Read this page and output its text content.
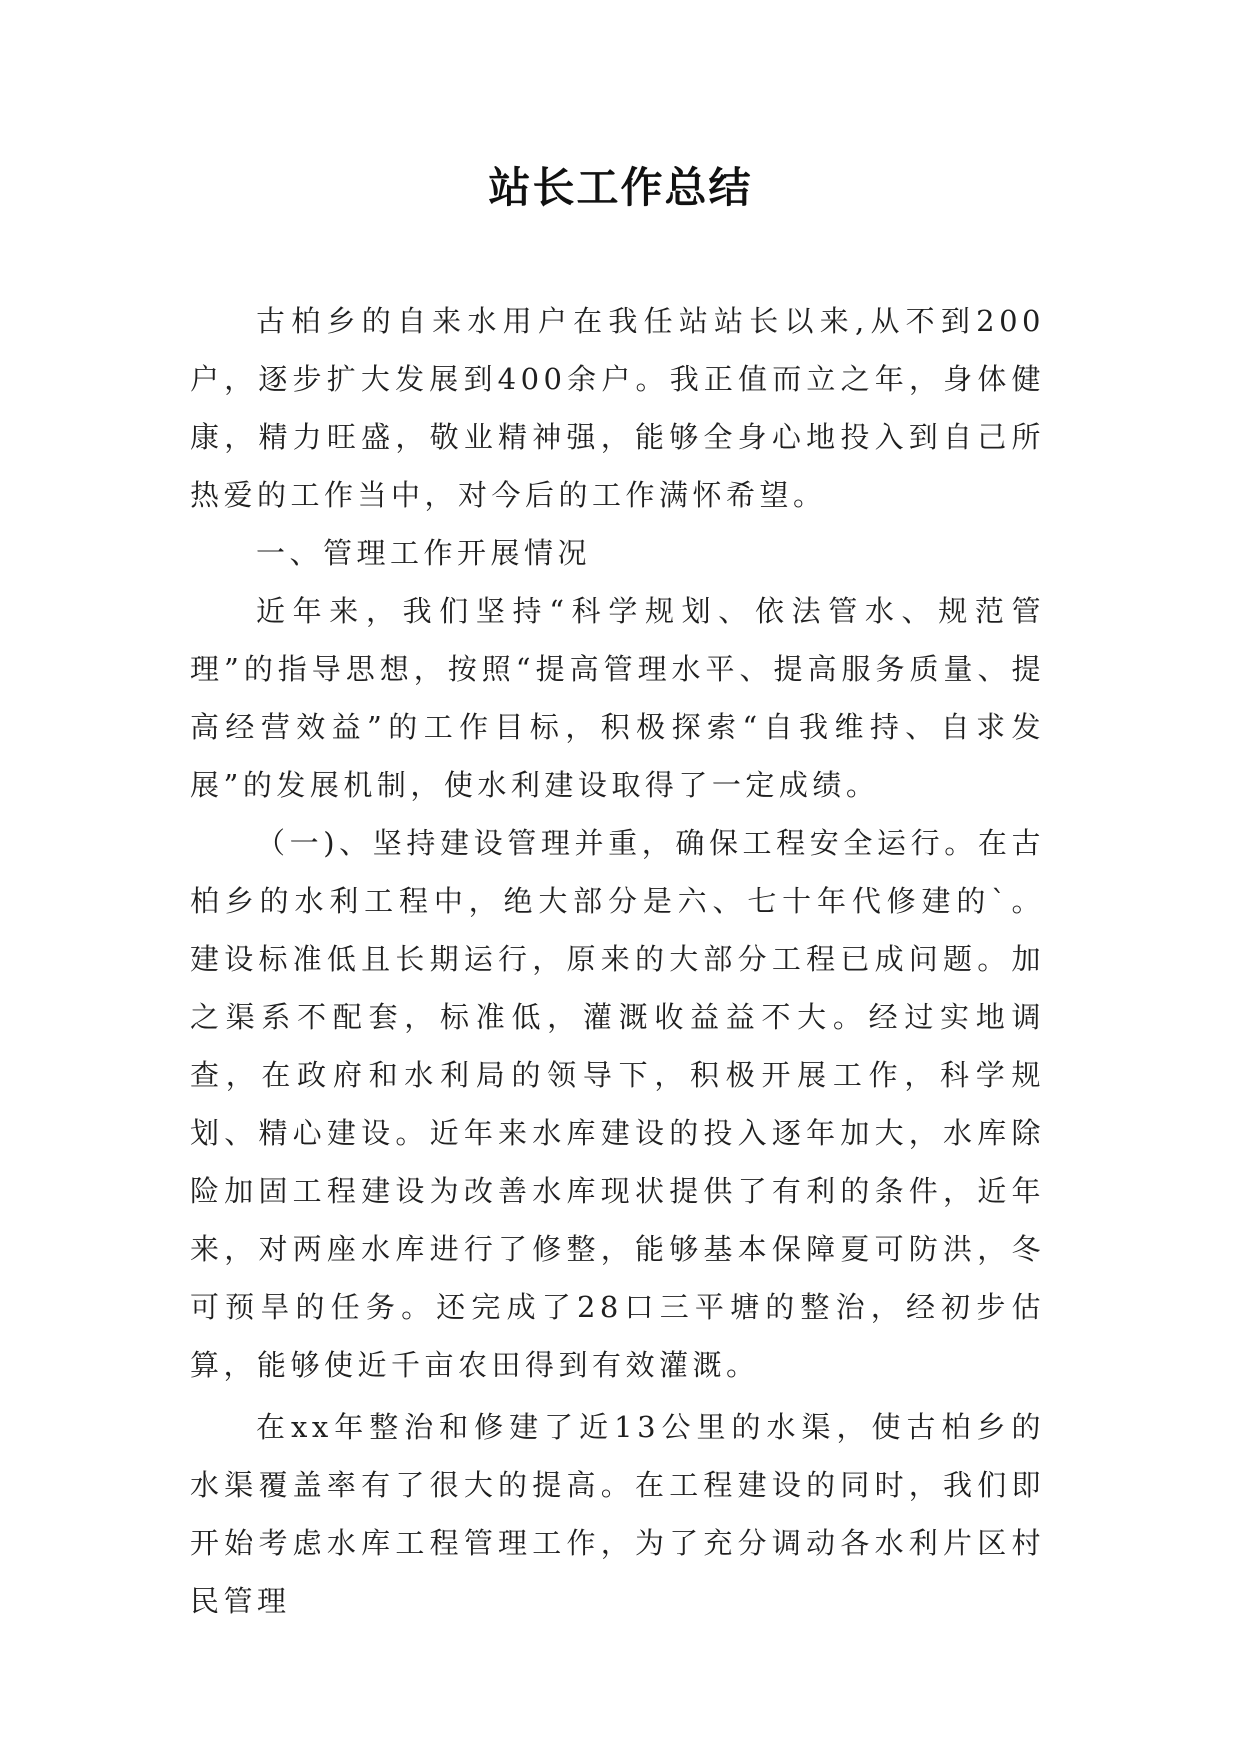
站长工作总结

古柏乡的自来水用户在我任站站长以来,从不到200户，逐步扩大发展到400余户。我正值而立之年，身体健康，精力旺盛，敬业精神强，能够全身心地投入到自己所热爱的工作当中，对今后的工作满怀希望。

一、管理工作开展情况

近年来，我们坚持“科学规划、依法管水、规范管理”的指导思想，按照“提高管理水平、提高服务质量、提高经营效益”的工作目标，积极探索“自我维持、自求发展”的发展机制，使水利建设取得了一定成绩。

（一)、坚持建设管理并重，确保工程安全运行。在古柏乡的水利工程中，绝大部分是六、七十年代修建的`。建设标准低且长期运行，原来的大部分工程已成问题。加之渠系不配套，标准低，灌溉收益益不大。经过实地调查，在政府和水利局的领导下，积极开展工作，科学规划、精心建设。近年来水库建设的投入逐年加大，水库除险加固工程建设为改善水库现状提供了有利的条件，近年来，对两座水库进行了修整，能够基本保障夏可防洪，冬可预旱的任务。还完成了28口三平塘的整治，经初步估算，能够使近千亩农田得到有效灌溉。

在xx年整治和修建了近13公里的水渠，使古柏乡的水渠覆盖率有了很大的提高。在工程建设的同时，我们即开始考虑水库工程管理工作，为了充分调动各水利片区村民管理
